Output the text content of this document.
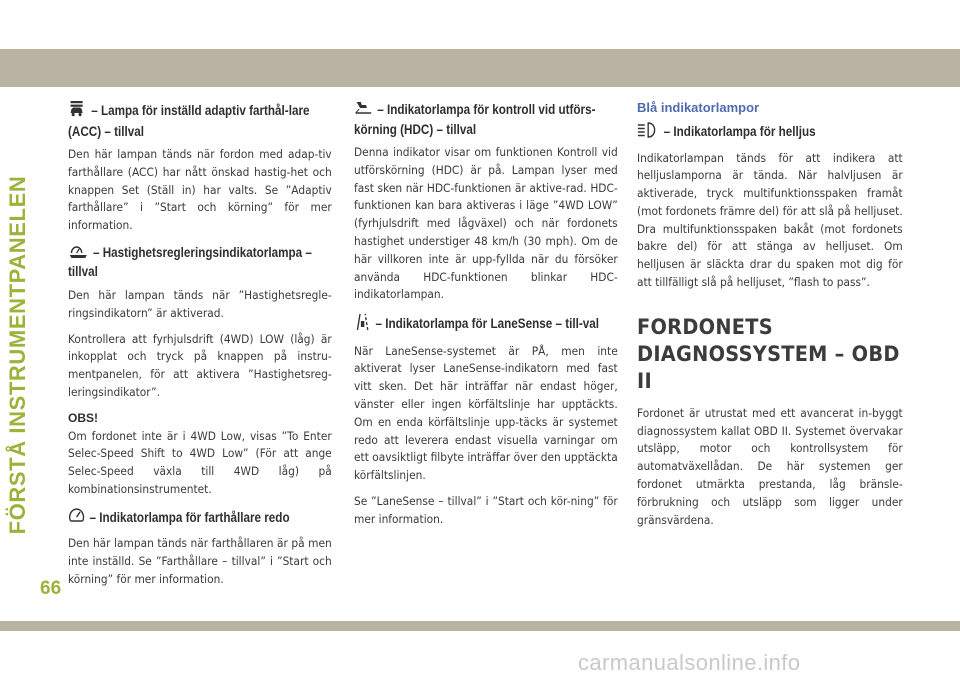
FÖRSTÅ INSTRUMENTPANELEN
– Lampa för inställd adaptiv farthål-lare (ACC) – tillval

Den här lampan tänds när fordon med adap-tiv farthållare (ACC) har nått önskad hastig-het och knappen Set (Ställ in) har valts. Se ”Adaptiv farthållare” i ”Start och körning” för mer information.

– Hastighetsregleringsindikatorlampa – tillval

Den här lampan tänds när ”Hastighetsregle-ringsindikatorn” är aktiverad.

Kontrollera att fyrhjulsdrift (4WD) LOW (låg) är inkopplat och tryck på knappen på instru-mentpanelen, för att aktivera ”Hastighetsreg-leringsindikator”.

OBS!

Om fordonet inte är i 4WD Low, visas ”To Enter Selec-Speed Shift to 4WD Low” (För att ange Selec-Speed växla till 4WD låg) på kombinationsinstrumentet.

– Indikatorlampa för farthållare redo

Den här lampan tänds när farthållaren är på men inte inställd. Se ”Farthållare – tillval” i ”Start och körning” för mer information.

– Indikatorlampa för kontroll vid utförs-körning (HDC) – tillval

Denna indikator visar om funktionen Kontroll vid utförskörning (HDC) är på. Lampan lyser med fast sken när HDC-funktionen är aktive-rad. HDC-funktionen kan bara aktiveras i läge ”4WD LOW” (fyrhjulsdrift med lågväxel) och när fordonets hastighet understiger 48 km/h (30 mph). Om de här villkoren inte är upp-fyllda när du försöker använda HDC-funktionen blinkar HDC-indikatorlampan.

– Indikatorlampa för LaneSense – till-val

När LaneSense-systemet är PÅ, men inte aktiverat lyser LaneSense-indikatorn med fast vitt sken. Det här inträffar när endast höger, vänster eller ingen körfältslinje har upptäckts. Om en enda körfältslinje upp-täcks är systemet redo att leverera endast visuella varningar om ett oavsiktligt filbyte inträffar över den upptäckta körfältslinjen.

Se ”LaneSense – tillval” i ”Start och kör-ning” för mer information.

Blå indikatorlampor
– Indikatorlampa för helljus

Indikatorlampan tänds för att indikera att helljuslamporna är tända. När halvljusen är aktiverade, tryck multifunktionsspaken framåt (mot fordonets främre del) för att slå på helljuset. Dra multifunktionsspaken bakåt (mot fordonets bakre del) för att stänga av helljuset. Om helljusen är släckta drar du spaken mot dig för att tillfälligt slå på helljuset, ”flash to pass”.

FORDONETS DIAGNOSSYSTEM – OBD II

Fordonet är utrustat med ett avancerat in-byggt diagnossystem kallat OBD II. Systemet övervakar utsläpp, motor och kontrollsystem för automatväxellådan. De här systemen ger fordonet utmärkta prestanda, låg bränsle-förbrukning och utsläpp som ligger under gränsvärdena.

66
carmanualsonline.info
